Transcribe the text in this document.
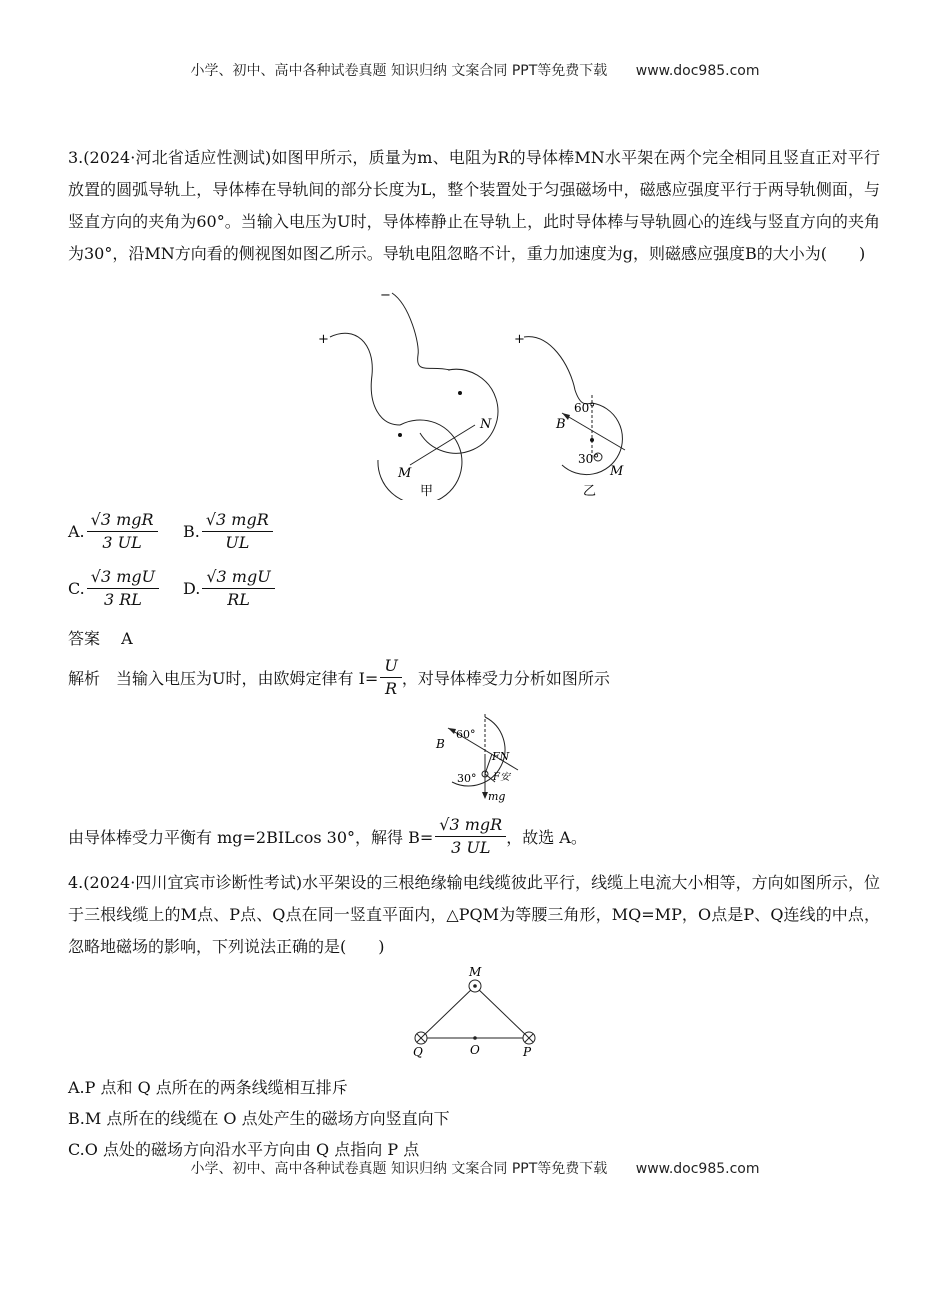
小学、初中、高中各种试卷真题 知识归纳 文案合同 PPT等免费下载 www.doc985.com
3.(2024·河北省适应性测试)如图甲所示，质量为m、电阻为R的导体棒MN水平架在两个完全相同且竖直正对平行放置的圆弧导轨上，导体棒在导轨间的部分长度为L，整个装置处于匀强磁场中，磁感应强度平行于两导轨侧面，与竖直方向的夹角为60°。当输入电压为U时，导体棒静止在导轨上，此时导体棒与导轨圆心的连线与竖直方向的夹角为30°，沿MN方向看的侧视图如图乙所示。导轨电阻忽略不计，重力加速度为g，则磁感应强度B的大小为(　　)
+
−
M
N
甲
+
60°
B
30°
M
乙
A. $\frac{\text{√3 mgR}}{3 UL} B$. $\frac{\text{√3 mgR}}{UL}$
C. $\frac{\text{√3 mgU}}{3 RL} D$. $\frac{\text{√3 mgU}}{RL}$
答案 A
解析 当输入电压为U时，由欧姆定律有 $I= \frac{U}{R}$ ，对导体棒受力分析如图所示
B
60°
FN
30° F安
mg
由导体棒受力平衡有 mg=2BILcos 30°，解得 $B= \frac{\text{√3 mgR}}{3 UL}$ ，故选 A。
4.(2024·四川宜宾市诊断性考试)水平架设的三根绝缘输电线缆彼此平行，线缆上电流大小相等，方向如图所示，位于三根线缆上的M点、P点、Q点在同一竖直平面内，△PQM为等腰三角形，MQ=MP，O点是P、Q连线的中点，忽略地磁场的影响，下列说法正确的是(　　)
M
Q	O	P
A.P 点和 Q 点所在的两条线缆相互排斥
B.M 点所在的线缆在 O 点处产生的磁场方向竖直向下
C.O 点处的磁场方向沿水平方向由 Q 点指向 P 点
小学、初中、高中各种试卷真题 知识归纳 文案合同 PPT等免费下载 www.doc985.com
